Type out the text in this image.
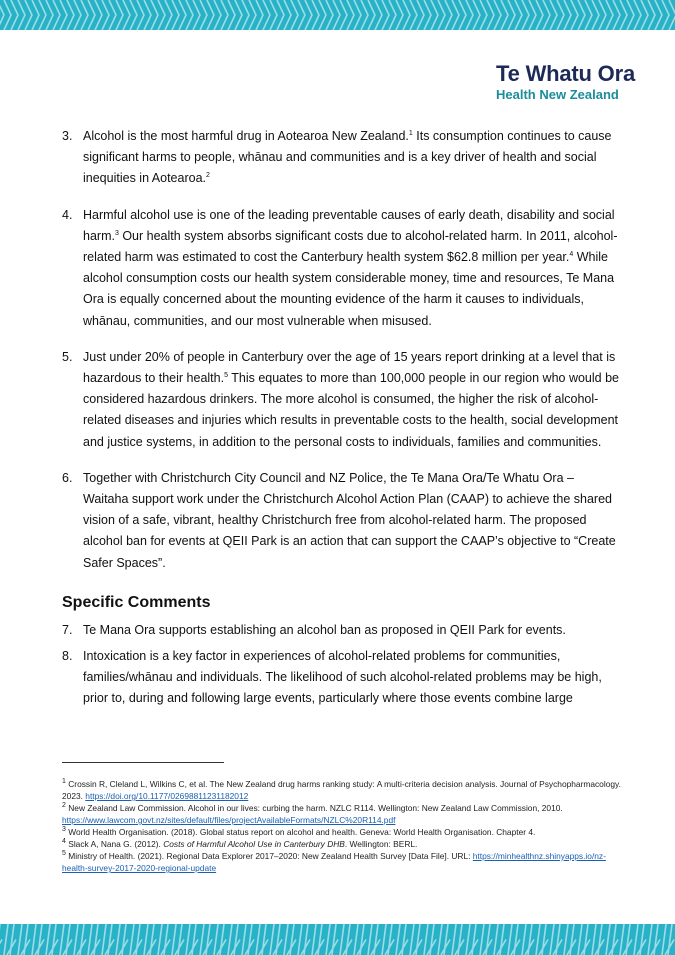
Te Whatu Ora
Health New Zealand

3. Alcohol is the most harmful drug in Aotearoa New Zealand.$^1$ Its consumption continues to cause significant harms to people, whānau and communities and is a key driver of health and social inequities in Aotearoa.$^2$

4. Harmful alcohol use is one of the leading preventable causes of early death, disability and social harm.$^3$ Our health system absorbs significant costs due to alcohol-related harm. In 2011, alcohol-related harm was estimated to cost the Canterbury health system $62.8 million per year.$^4$ While alcohol consumption costs our health system considerable money, time and resources, Te Mana Ora is equally concerned about the mounting evidence of the harm it causes to individuals, whānau, communities, and our most vulnerable when misused.

5. Just under 20% of people in Canterbury over the age of 15 years report drinking at a level that is hazardous to their health.$^5$ This equates to more than 100,000 people in our region who would be considered hazardous drinkers. The more alcohol is consumed, the higher the risk of alcohol-related diseases and injuries which results in preventable costs to the health, social development and justice systems, in addition to the personal costs to individuals, families and communities.

6. Together with Christchurch City Council and NZ Police, the Te Mana Ora/Te Whatu Ora – Waitaha support work under the Christchurch Alcohol Action Plan (CAAP) to achieve the shared vision of a safe, vibrant, healthy Christchurch free from alcohol-related harm. The proposed alcohol ban for events at QEII Park is an action that can support the CAAP’s objective to “Create Safer Spaces”.

Specific Comments

7. Te Mana Ora supports establishing an alcohol ban as proposed in QEII Park for events.

8. Intoxication is a key factor in experiences of alcohol-related problems for communities, families/whānau and individuals. The likelihood of such alcohol-related problems may be high, prior to, during and following large events, particularly where those events combine large

$^1$ Crossin R, Cleland L, Wilkins C, et al. The New Zealand drug harms ranking study: A multi-criteria decision analysis. Journal of Psychopharmacology. 2023. https://doi.org/10.1177/02698811231182012

$^2$ New Zealand Law Commission. Alcohol in our lives: curbing the harm. NZLC R114. Wellington: New Zealand Law Commission, 2010. https://www.lawcom.govt.nz/sites/default/files/projectAvailableFormats/NZLC%20R114.pdf

$^3$ World Health Organisation. (2018). Global status report on alcohol and health. Geneva: World Health Organisation. Chapter 4.

$^4$ Slack A, Nana G. (2012). Costs of Harmful Alcohol Use in Canterbury DHB. Wellington: BERL.

$^5$ Ministry of Health. (2021). Regional Data Explorer 2017–2020: New Zealand Health Survey [Data File]. URL: https://minhealthnz.shinyapps.io/nz-health-survey-2017-2020-regional-update
